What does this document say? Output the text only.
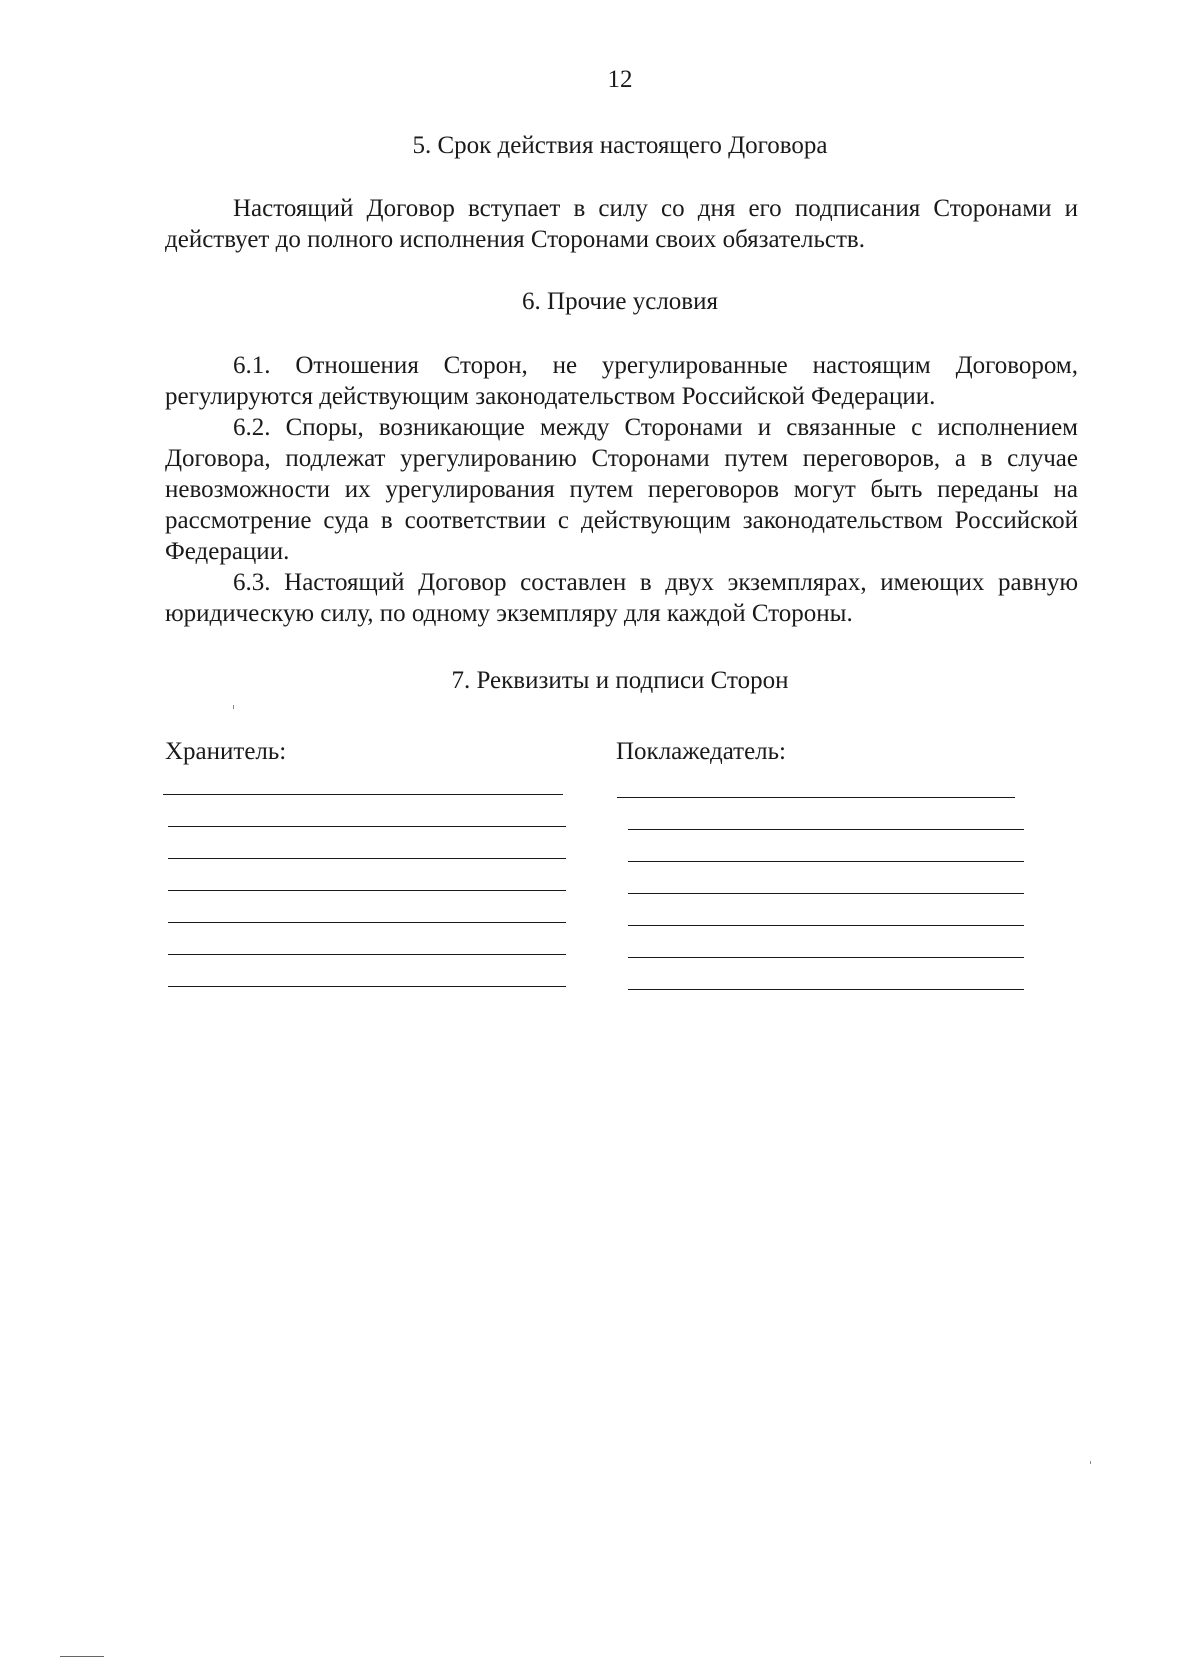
12
5. Срок действия настоящего Договора

Настоящий Договор вступает в силу со дня его подписания Сторонами и действует до полного исполнения Сторонами своих обязательств.

6. Прочие условия

6.1. Отношения Сторон, не урегулированные настоящим Договором, регулируются действующим законодательством Российской Федерации.

6.2. Споры, возникающие между Сторонами и связанные с исполнением Договора, подлежат урегулированию Сторонами путем переговоров, а в случае невозможности их урегулирования путем переговоров могут быть переданы на рассмотрение суда в соответствии с действующим законодательством Российской Федерации.

6.3. Настоящий Договор составлен в двух экземплярах, имеющих равную юридическую силу, по одному экземпляру для каждой Стороны.

7. Реквизиты и подписи Сторон
Хранитель:	Поклажедатель:
